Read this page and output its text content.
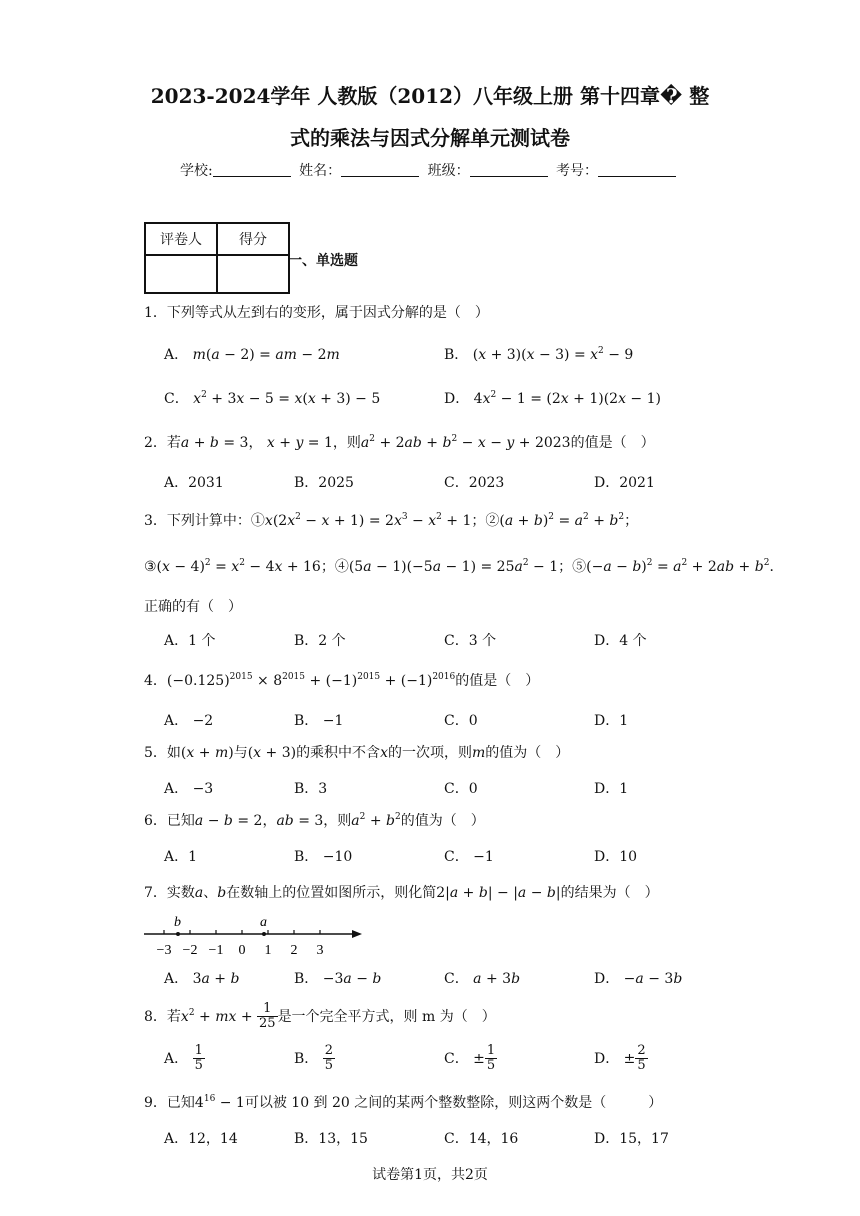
2023-2024学年 人教版（2012）八年级上册 第十四章� 整
式的乘法与因式分解单元测试卷
学校:	姓名：	班级：	考号：
评卷人	得分

一、单选题
1．下列等式从左到右的变形，属于因式分解的是（　）
A． m(a − 2) = am − 2m	B． $(x + 3)(x - 3) = x^2 - 9$
C． $x^2 + 3x - 5 = x(x + 3) - 5$	D． $4x^2 - 1 = (2x + 1)(2x - 1)$
2．若a + b = 3， x + y = 1，则$a^2 + 2ab + b^2 - x - y + 2023$的值是（　）
A．2031	B．2025	C．2023	D．2021
3．下列计算中：$①x(2x^2 - x + 1) = 2x^3 - x^2 + 1$；②(a + $b)^2 = a^2 + b^2$；
③(x − $4)^2 = x^2 - 4x + 16$；④(5a − $1)(-5a - 1) = 25a^2 - 1$；⑤(−a − $b)^2 = a^2 + 2ab + b^2$．
正确的有（　）
A．1 个	B．2 个	C．3 个	D．4 个
4．$(-0.125)^{2015} \times 8^{2015} + (-1)^{2015} + (-1)^{2016}$的值是（　）
A． −2	B． −1	C．0	D．1
5．如(x + m)与(x + 3)的乘积中不含x的一次项，则m的值为（　）
A． −3	B．3	C．0	D．1
6．已知a − b = 2，ab = 3，则$a^2 + b^2$的值为（　）
A．1	B． −10	C． −1	D．10
7．实数a、b在数轴上的位置如图所示，则化简2|a + b| − |a − b|的结果为（　）
−3 −2 −1 0 1 2 3
b	a
A． 3a + b	B． −3a − b	C． a + 3b	D． −a − 3b
8．若$x^2$ + mx + $\frac{1}{25}$ 是一个完全平方式，则 m 为（　）
A． $\frac{1}{5}$	B． $\frac{2}{5}$	C． ± $\frac{1}{5}$	D． ± $\frac{2}{5}$
9．已知$4^{16} - 1$可以被 10 到 20 之间的某两个整数整除，则这两个数是（　　　）
A．12，14	B．13，15	C．14，16	D．15，17
试卷第1页，共2页
